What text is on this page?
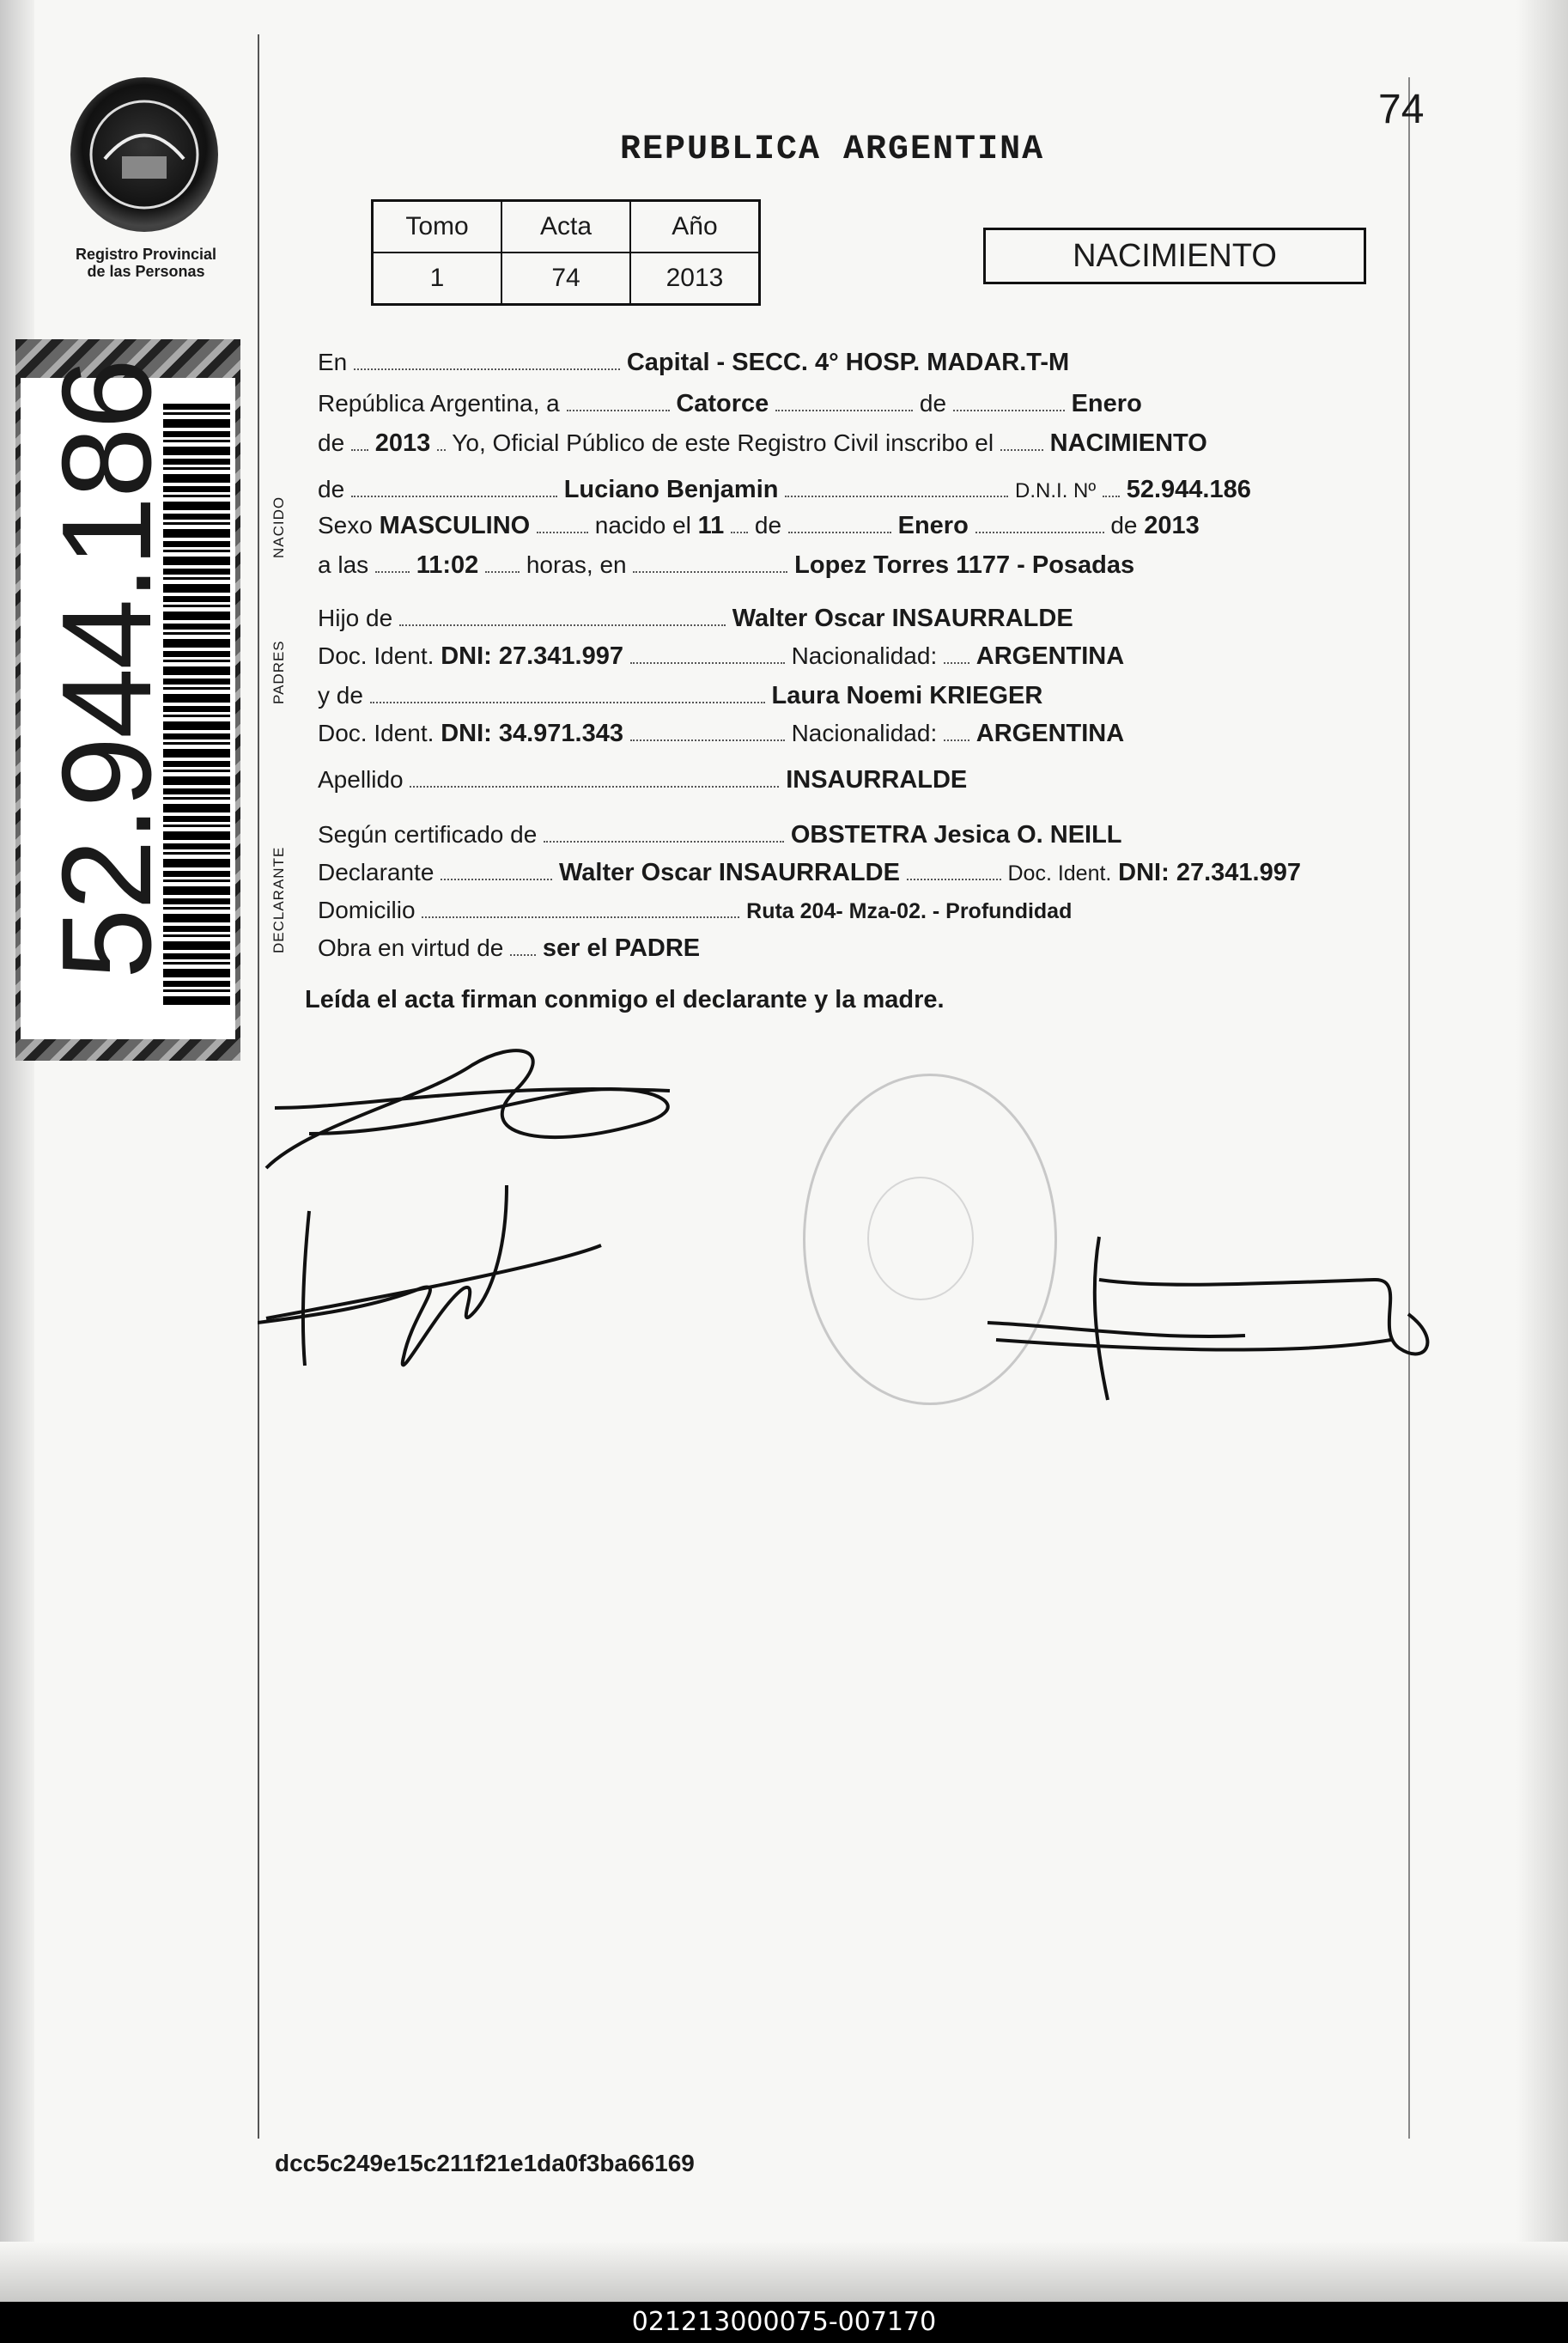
Registro Provincial
de las Personas
74
REPUBLICA ARGENTINA
Tomo	Acta	Año
1	74	2013
NACIMIENTO
52.944.186	NACIDO
PADRES
DECLARANTE
En	Capital - SECC. 4° HOSP. MADAR.T-M
República Argentina, a	Catorce	de	Enero
de 2013 Yo, Oficial Público de este Registro Civil inscribo el NACIMIENTO
de	Luciano Benjamin	D.N.I. Nº 52.944.186
Sexo MASCULINO	nacido el 11 de	Enero	de 2013
a las 11:02 horas, en	Lopez Torres 1177 - Posadas
Hijo de	Walter Oscar INSAURRALDE
Doc. Ident. DNI: 27.341.997	Nacionalidad: ARGENTINA
y de	Laura Noemi KRIEGER
Doc. Ident. DNI: 34.971.343	Nacionalidad: ARGENTINA
Apellido	INSAURRALDE
Según certificado de	OBSTETRA Jesica O. NEILL
Declarante	Walter Oscar INSAURRALDE	Doc. Ident. DNI: 27.341.997
Domicilio	Ruta 204- Mza-02. - Profundidad
Obra en virtud de ser el PADRE
Leída el acta firman conmigo el declarante y la madre.
dcc5c249e15c211f21e1da0f3ba66169
021213000075-007170
